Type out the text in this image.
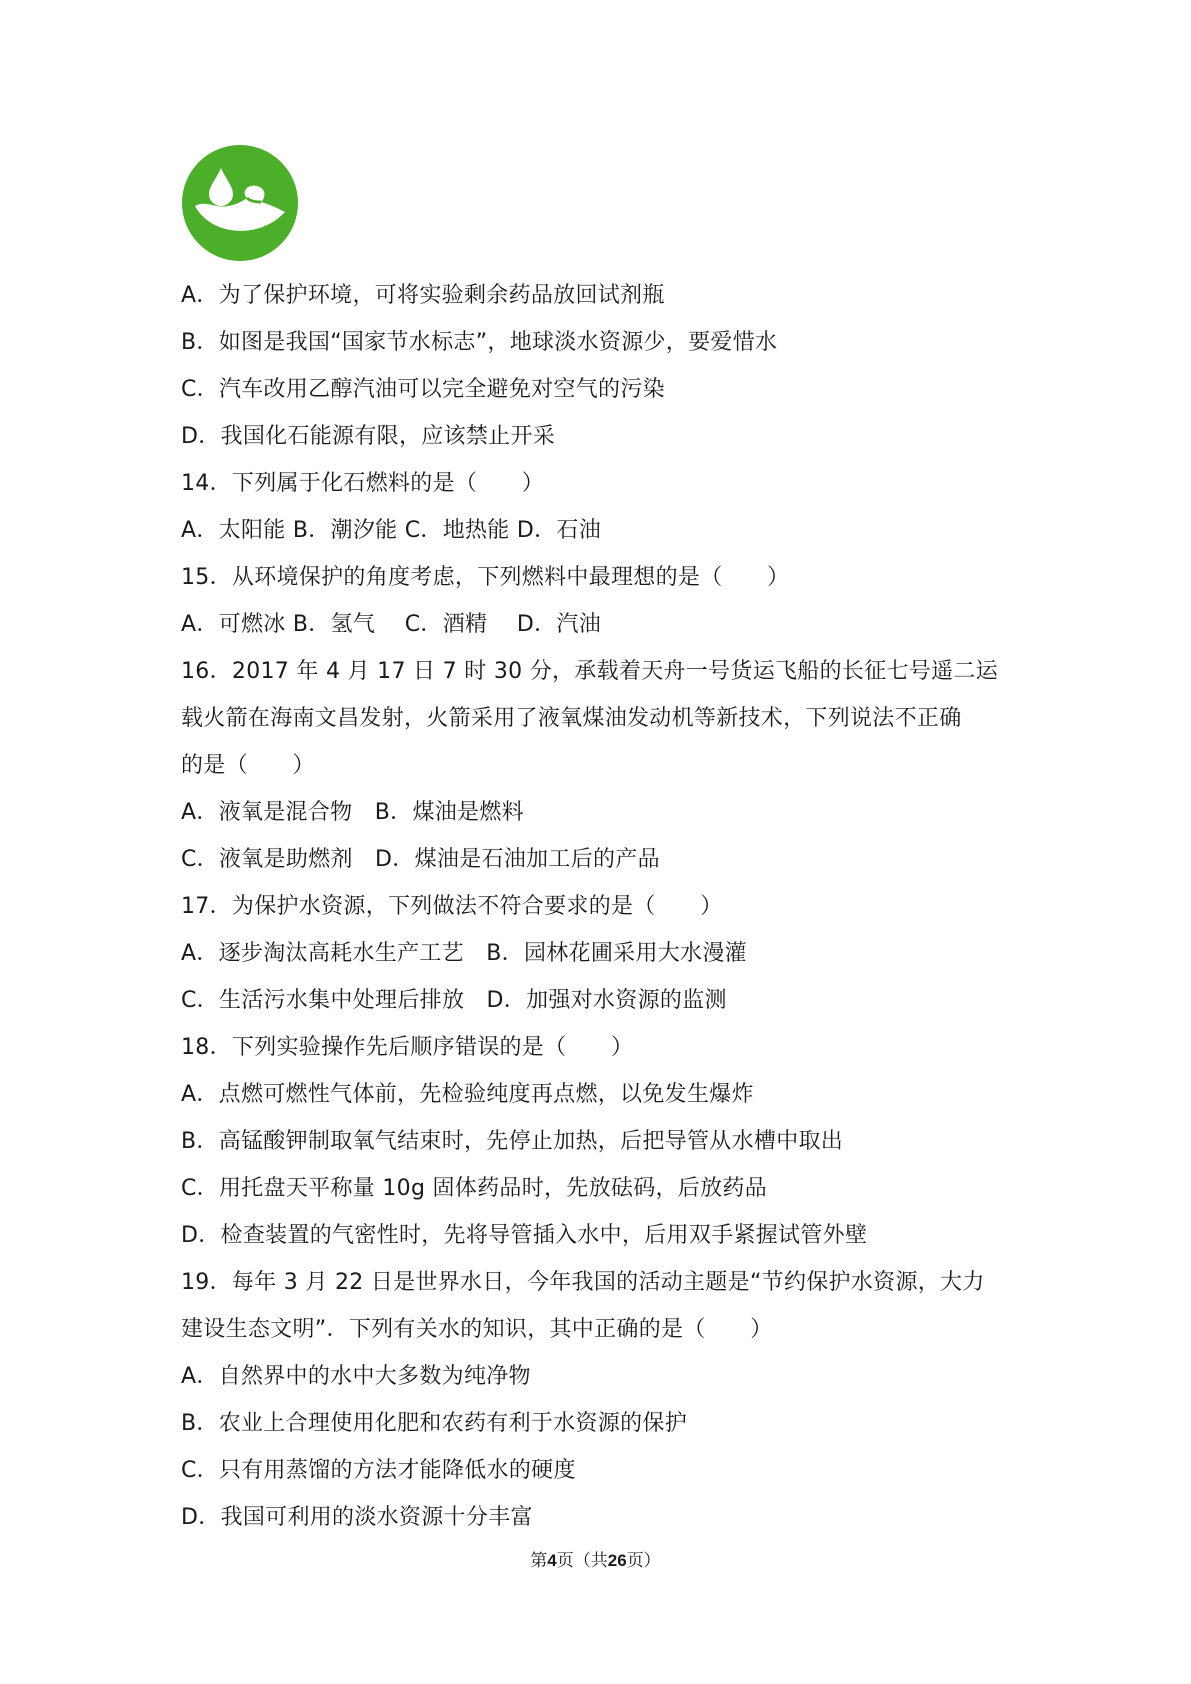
A．为了保护环境，可将实验剩余药品放回试剂瓶
B．如图是我国“国家节水标志”，地球淡水资源少，要爱惜水
C．汽车改用乙醇汽油可以完全避免对空气的污染
D．我国化石能源有限，应该禁止开采
14．下列属于化石燃料的是（　　）
A．太阳能 B．潮汐能 C．地热能 D．石油
15．从环境保护的角度考虑，下列燃料中最理想的是（　　）
A．可燃冰 B．氢气　 C．酒精　 D．汽油
16．2017 年 4 月 17 日 7 时 30 分，承载着天舟一号货运飞船的长征七号遥二运
载火箭在海南文昌发射，火箭采用了液氧煤油发动机等新技术，下列说法不正确
的是（　　）
A．液氧是混合物　B．煤油是燃料
C．液氧是助燃剂　D．煤油是石油加工后的产品
17．为保护水资源，下列做法不符合要求的是（　　）
A．逐步淘汰高耗水生产工艺　B．园林花圃采用大水漫灌
C．生活污水集中处理后排放　D．加强对水资源的监测
18．下列实验操作先后顺序错误的是（　　）
A．点燃可燃性气体前，先检验纯度再点燃，以免发生爆炸
B．高锰酸钾制取氧气结束时，先停止加热，后把导管从水槽中取出
C．用托盘天平称量 10g 固体药品时，先放砝码，后放药品
D．检查装置的气密性时，先将导管插入水中，后用双手紧握试管外壁
19．每年 3 月 22 日是世界水日，今年我国的活动主题是“节约保护水资源，大力
建设生态文明”．下列有关水的知识，其中正确的是（　　）
A．自然界中的水中大多数为纯净物
B．农业上合理使用化肥和农药有利于水资源的保护
C．只有用蒸馏的方法才能降低水的硬度
D．我国可利用的淡水资源十分丰富
第4页（共26页）
